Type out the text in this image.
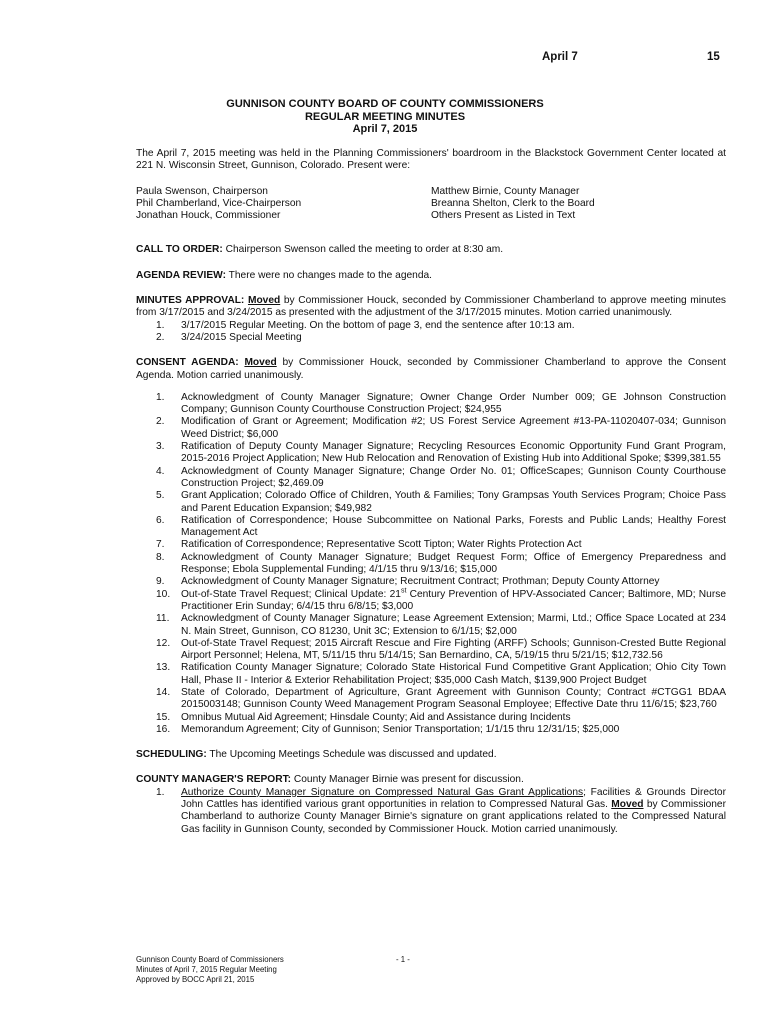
April 7	15
GUNNISON COUNTY BOARD OF COUNTY COMMISSIONERS
REGULAR MEETING MINUTES
April 7, 2015

The April 7, 2015 meeting was held in the Planning Commissioners' boardroom in the Blackstock Government Center located at 221 N. Wisconsin Street, Gunnison, Colorado. Present were:

Paula Swenson, Chairperson
Phil Chamberland, Vice-Chairperson
Jonathan Houck, Commissioner
Matthew Birnie, County Manager
Breanna Shelton, Clerk to the Board
Others Present as Listed in Text

CALL TO ORDER: Chairperson Swenson called the meeting to order at 8:30 am.

AGENDA REVIEW: There were no changes made to the agenda.

MINUTES APPROVAL: Moved by Commissioner Houck, seconded by Commissioner Chamberland to approve meeting minutes from 3/17/2015 and 3/24/2015 as presented with the adjustment of the 3/17/2015 minutes. Motion carried unanimously.

1. 3/17/2015 Regular Meeting. On the bottom of page 3, end the sentence after 10:13 am.
2. 3/24/2015 Special Meeting

CONSENT AGENDA: Moved by Commissioner Houck, seconded by Commissioner Chamberland to approve the Consent Agenda. Motion carried unanimously.

1. Acknowledgment of County Manager Signature; Owner Change Order Number 009; GE Johnson Construction Company; Gunnison County Courthouse Construction Project; $24,955
2. Modification of Grant or Agreement; Modification #2; US Forest Service Agreement #13-PA-11020407-034; Gunnison Weed District; $6,000
3. Ratification of Deputy County Manager Signature; Recycling Resources Economic Opportunity Fund Grant Program, 2015-2016 Project Application; New Hub Relocation and Renovation of Existing Hub into Additional Spoke; $399,381.55
4. Acknowledgment of County Manager Signature; Change Order No. 01; OfficeScapes; Gunnison County Courthouse Construction Project; $2,469.09
5. Grant Application; Colorado Office of Children, Youth & Families; Tony Grampsas Youth Services Program; Choice Pass and Parent Education Expansion; $49,982
6. Ratification of Correspondence; House Subcommittee on National Parks, Forests and Public Lands; Healthy Forest Management Act
7. Ratification of Correspondence; Representative Scott Tipton; Water Rights Protection Act
8. Acknowledgment of County Manager Signature; Budget Request Form; Office of Emergency Preparedness and Response; Ebola Supplemental Funding; 4/1/15 thru 9/13/16; $15,000
9. Acknowledgment of County Manager Signature; Recruitment Contract; Prothman; Deputy County Attorney
10. Out-of-State Travel Request; Clinical Update: 21st Century Prevention of HPV-Associated Cancer; Baltimore, MD; Nurse Practitioner Erin Sunday; 6/4/15 thru 6/8/15; $3,000
11. Acknowledgment of County Manager Signature; Lease Agreement Extension; Marmi, Ltd.; Office Space Located at 234 N. Main Street, Gunnison, CO 81230, Unit 3C; Extension to 6/1/15; $2,000
12. Out-of-State Travel Request; 2015 Aircraft Rescue and Fire Fighting (ARFF) Schools; Gunnison-Crested Butte Regional Airport Personnel; Helena, MT, 5/11/15 thru 5/14/15; San Bernardino, CA, 5/19/15 thru 5/21/15; $12,732.56
13. Ratification County Manager Signature; Colorado State Historical Fund Competitive Grant Application; Ohio City Town Hall, Phase II - Interior & Exterior Rehabilitation Project; $35,000 Cash Match, $139,900 Project Budget
14. State of Colorado, Department of Agriculture, Grant Agreement with Gunnison County; Contract #CTGG1 BDAA 2015003148; Gunnison County Weed Management Program Seasonal Employee; Effective Date thru 11/6/15; $23,760
15. Omnibus Mutual Aid Agreement; Hinsdale County; Aid and Assistance during Incidents
16. Memorandum Agreement; City of Gunnison; Senior Transportation; 1/1/15 thru 12/31/15; $25,000

SCHEDULING: The Upcoming Meetings Schedule was discussed and updated.

COUNTY MANAGER'S REPORT: County Manager Birnie was present for discussion.

1. Authorize County Manager Signature on Compressed Natural Gas Grant Applications; Facilities & Grounds Director John Cattles has identified various grant opportunities in relation to Compressed Natural Gas. Moved by Commissioner Chamberland to authorize County Manager Birnie's signature on grant applications related to the Compressed Natural Gas facility in Gunnison County, seconded by Commissioner Houck. Motion carried unanimously.
Gunnison County Board of Commissioners
Minutes of April 7, 2015 Regular Meeting
Approved by BOCC April 21, 2015
- 1 -
